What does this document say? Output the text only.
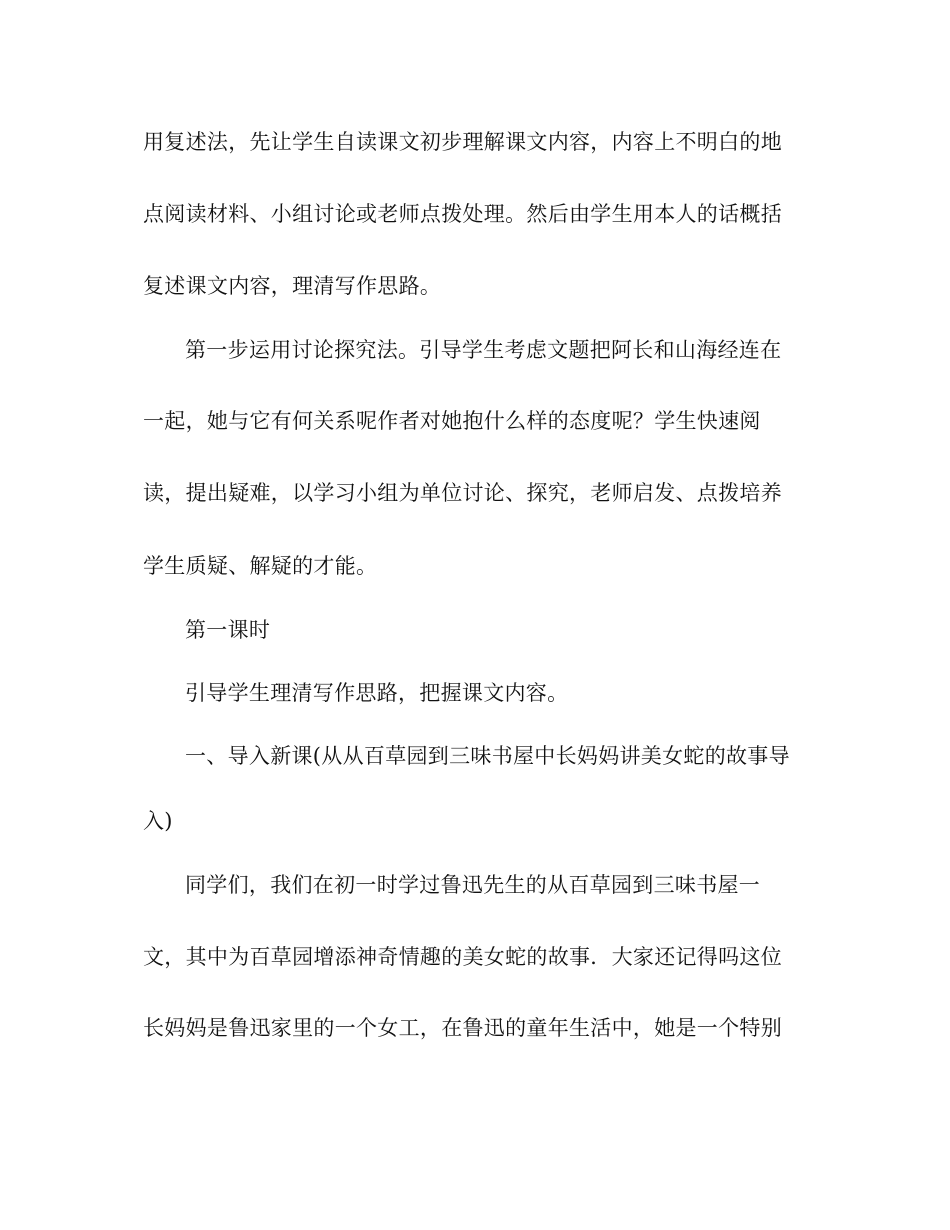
用复述法，先让学生自读课文初步理解课文内容，内容上不明白的地
点阅读材料、小组讨论或老师点拨处理。然后由学生用本人的话概括
复述课文内容，理清写作思路。
第一步运用讨论探究法。引导学生考虑文题把阿长和山海经连在
一起，她与它有何关系呢作者对她抱什么样的态度呢？学生快速阅
读，提出疑难，以学习小组为单位讨论、探究，老师启发、点拨培养
学生质疑、解疑的才能。
第一课时
引导学生理清写作思路，把握课文内容。
一、导入新课(从从百草园到三味书屋中长妈妈讲美女蛇的故事导
入)
同学们，我们在初一时学过鲁迅先生的从百草园到三味书屋一
文，其中为百草园增添神奇情趣的美女蛇的故事．大家还记得吗这位
长妈妈是鲁迅家里的一个女工，在鲁迅的童年生活中，她是一个特别
